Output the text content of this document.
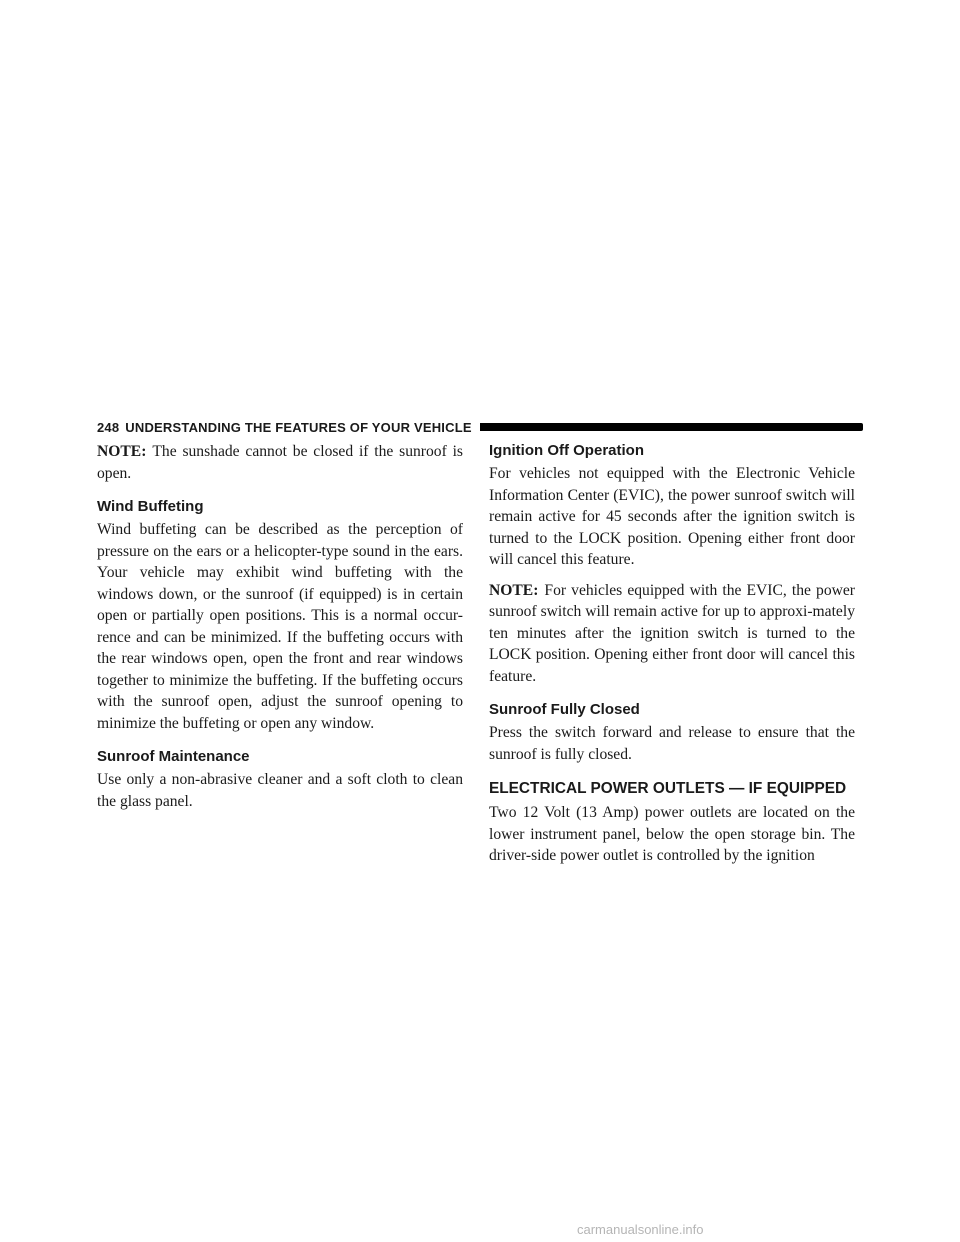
248 UNDERSTANDING THE FEATURES OF YOUR VEHICLE

NOTE: The sunshade cannot be closed if the sunroof is open.

Wind Buffeting

Wind buffeting can be described as the perception of pressure on the ears or a helicopter-type sound in the ears. Your vehicle may exhibit wind buffeting with the windows down, or the sunroof (if equipped) is in certain open or partially open positions. This is a normal occur-rence and can be minimized. If the buffeting occurs with the rear windows open, open the front and rear windows together to minimize the buffeting. If the buffeting occurs with the sunroof open, adjust the sunroof opening to minimize the buffeting or open any window.

Sunroof Maintenance

Use only a non-abrasive cleaner and a soft cloth to clean the glass panel.

Ignition Off Operation

For vehicles not equipped with the Electronic Vehicle Information Center (EVIC), the power sunroof switch will remain active for 45 seconds after the ignition switch is turned to the LOCK position. Opening either front door will cancel this feature.

NOTE: For vehicles equipped with the EVIC, the power sunroof switch will remain active for up to approxi-mately ten minutes after the ignition switch is turned to the LOCK position. Opening either front door will cancel this feature.

Sunroof Fully Closed

Press the switch forward and release to ensure that the sunroof is fully closed.

ELECTRICAL POWER OUTLETS — IF EQUIPPED

Two 12 Volt (13 Amp) power outlets are located on the lower instrument panel, below the open storage bin. The driver-side power outlet is controlled by the ignition

carmanualsonline.info
